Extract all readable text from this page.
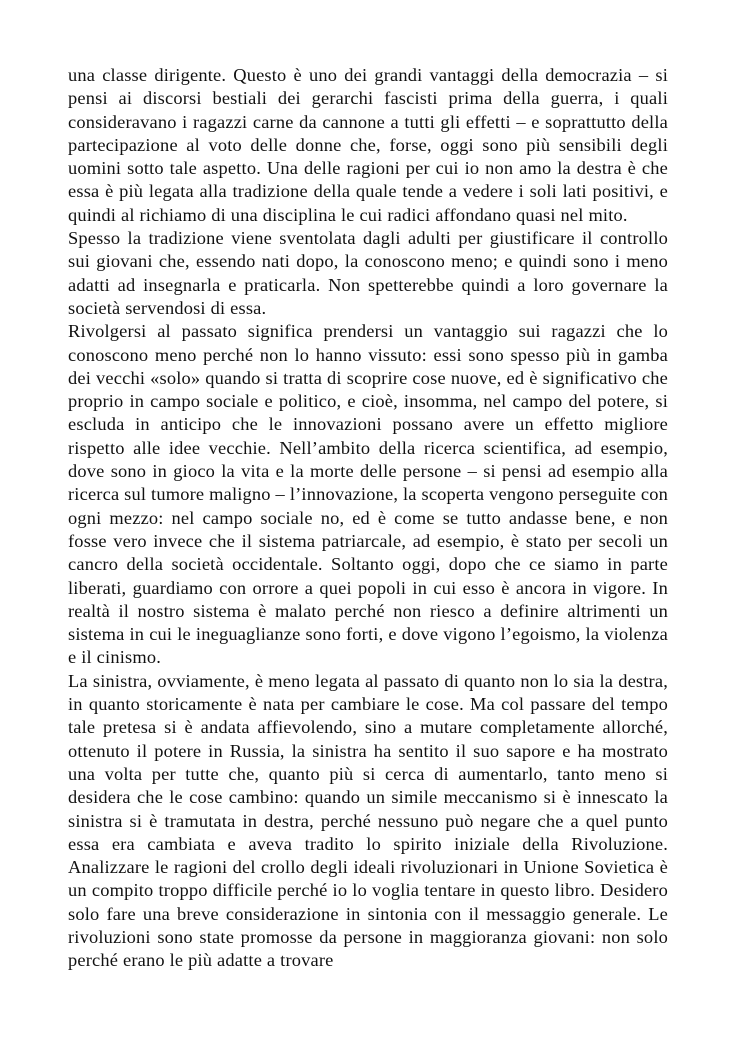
una classe dirigente. Questo è uno dei grandi vantaggi della democrazia – si pensi ai discorsi bestiali dei gerarchi fascisti prima della guerra, i quali consideravano i ragazzi carne da cannone a tutti gli effetti – e soprattutto della partecipazione al voto delle donne che, forse, oggi sono più sensibili degli uomini sotto tale aspetto. Una delle ragioni per cui io non amo la destra è che essa è più legata alla tradizione della quale tende a vedere i soli lati positivi, e quindi al richiamo di una disciplina le cui radici affondano quasi nel mito.

Spesso la tradizione viene sventolata dagli adulti per giustificare il controllo sui giovani che, essendo nati dopo, la conoscono meno; e quindi sono i meno adatti ad insegnarla e praticarla. Non spetterebbe quindi a loro governare la società servendosi di essa.

Rivolgersi al passato significa prendersi un vantaggio sui ragazzi che lo conoscono meno perché non lo hanno vissuto: essi sono spesso più in gamba dei vecchi «solo» quando si tratta di scoprire cose nuove, ed è significativo che proprio in campo sociale e politico, e cioè, insomma, nel campo del potere, si escluda in anticipo che le innovazioni possano avere un effetto migliore rispetto alle idee vecchie. Nell’ambito della ricerca scientifica, ad esempio, dove sono in gioco la vita e la morte delle persone – si pensi ad esempio alla ricerca sul tumore maligno – l’innovazione, la scoperta vengono perseguite con ogni mezzo: nel campo sociale no, ed è come se tutto andasse bene, e non fosse vero invece che il sistema patriarcale, ad esempio, è stato per secoli un cancro della società occidentale. Soltanto oggi, dopo che ce siamo in parte liberati, guardiamo con orrore a quei popoli in cui esso è ancora in vigore. In realtà il nostro sistema è malato perché non riesco a definire altrimenti un sistema in cui le ineguaglianze sono forti, e dove vigono l’egoismo, la violenza e il cinismo.

La sinistra, ovviamente, è meno legata al passato di quanto non lo sia la destra, in quanto storicamente è nata per cambiare le cose. Ma col passare del tempo tale pretesa si è andata affievolendo, sino a mutare completamente allorché, ottenuto il potere in Russia, la sinistra ha sentito il suo sapore e ha mostrato una volta per tutte che, quanto più si cerca di aumentarlo, tanto meno si desidera che le cose cambino: quando un simile meccanismo si è innescato la sinistra si è tramutata in destra, perché nessuno può negare che a quel punto essa era cambiata e aveva tradito lo spirito iniziale della Rivoluzione. Analizzare le ragioni del crollo degli ideali rivoluzionari in Unione Sovietica è un compito troppo difficile perché io lo voglia tentare in questo libro. Desidero solo fare una breve considerazione in sintonia con il messaggio generale. Le rivoluzioni sono state promosse da persone in maggioranza giovani: non solo perché erano le più adatte a trovare
